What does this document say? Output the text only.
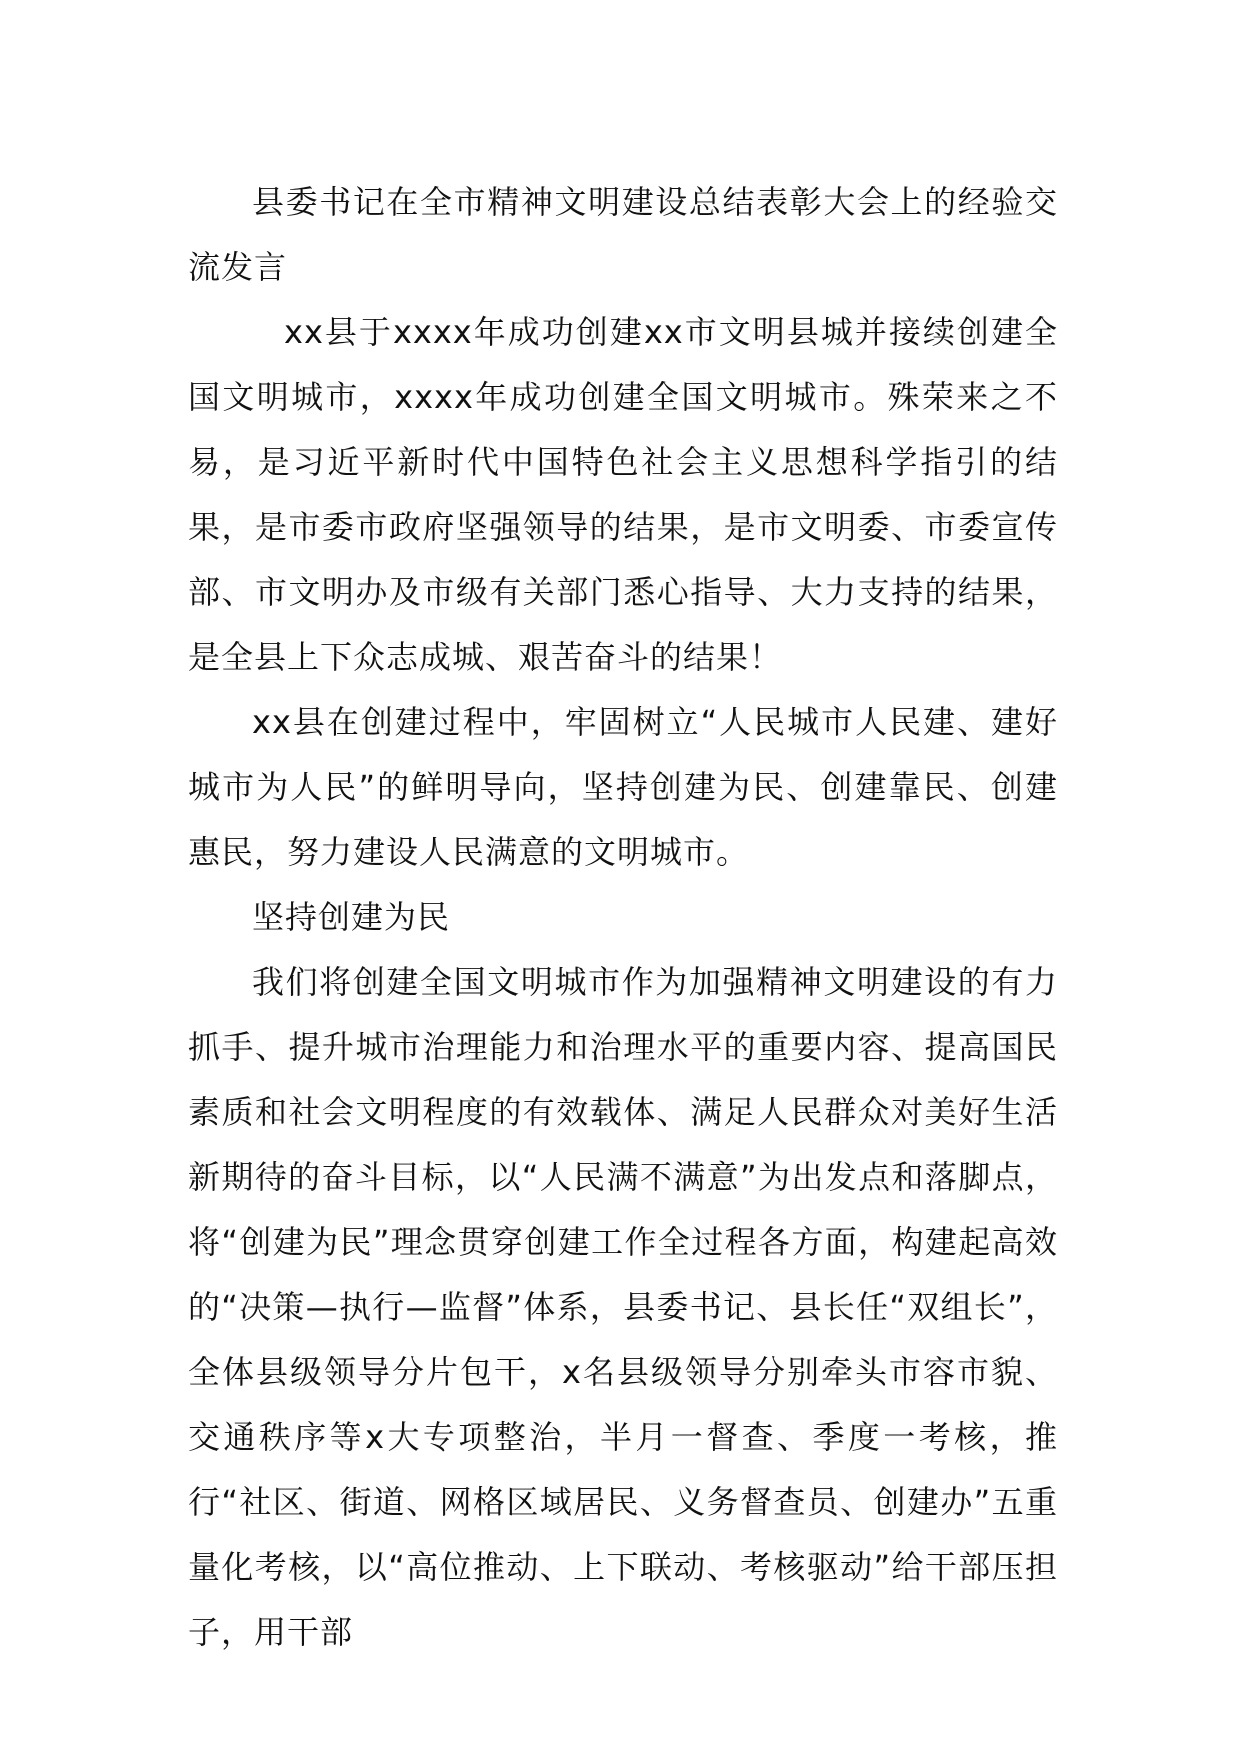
县委书记在全市精神文明建设总结表彰大会上的经验交流发言

xx县于xxxx年成功创建xx市文明县城并接续创建全国文明城市，xxxx年成功创建全国文明城市。殊荣来之不易，是习近平新时代中国特色社会主义思想科学指引的结果，是市委市政府坚强领导的结果，是市文明委、市委宣传部、市文明办及市级有关部门悉心指导、大力支持的结果，是全县上下众志成城、艰苦奋斗的结果！

xx县在创建过程中，牢固树立“人民城市人民建、建好城市为人民”的鲜明导向，坚持创建为民、创建靠民、创建惠民，努力建设人民满意的文明城市。

坚持创建为民

我们将创建全国文明城市作为加强精神文明建设的有力抓手、提升城市治理能力和治理水平的重要内容、提高国民素质和社会文明程度的有效载体、满足人民群众对美好生活新期待的奋斗目标，以“人民满不满意”为出发点和落脚点，将“创建为民”理念贯穿创建工作全过程各方面，构建起高效的“决策—执行—监督”体系，县委书记、县长任“双组长”，全体县级领导分片包干，x名县级领导分别牵头市容市貌、交通秩序等x大专项整治，半月一督查、季度一考核，推行“社区、街道、网格区域居民、义务督查员、创建办”五重量化考核，以“高位推动、上下联动、考核驱动”给干部压担子，用干部
